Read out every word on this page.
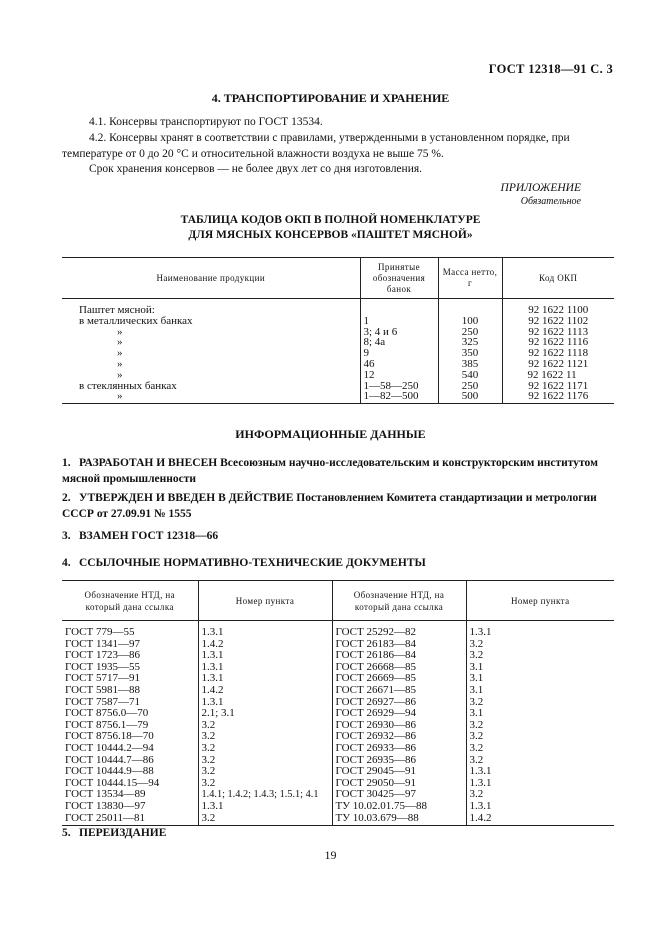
ГОСТ 12318—91 С. 3
4. ТРАНСПОРТИРОВАНИЕ И ХРАНЕНИЕ
4.1. Консервы транспортируют по ГОСТ 13534.
4.2. Консервы хранят в соответствии с правилами, утвержденными в установленном порядке, при температуре от 0 до 20 °С и относительной влажности воздуха не выше 75 %.
Срок хранения консервов — не более двух лет со дня изготовления.
ПРИЛОЖЕНИЕ
Обязательное
ТАБЛИЦА КОДОВ ОКП В ПОЛНОЙ НОМЕНКЛАТУРЕ
ДЛЯ МЯСНЫХ КОНСЕРВОВ «ПАШТЕТ МЯСНОЙ»
Наименование продукции	Принятые обозначения банок	Масса нетто, г	Код ОКП

Паштет мясной:			92 1622 1100
в металлических банках	1	100	92 1622 1102
»	3; 4 и 6	250	92 1622 1113
»	8; 4а	325	92 1622 1116
»	9	350	92 1622 1118
»	46	385	92 1622 1121
»	12	540	92 1622 11
в стеклянных банках	1—58—250	250	92 1622 1171
»	1—82—500	500	92 1622 1176
ИНФОРМАЦИОННЫЕ ДАННЫЕ
1. РАЗРАБОТАН И ВНЕСЕН Всесоюзным научно-исследовательским и конструкторским институтом мясной промышленности
2. УТВЕРЖДЕН И ВВЕДЕН В ДЕЙСТВИЕ Постановлением Комитета стандартизации и метрологии СССР от 27.09.91 № 1555
3. ВЗАМЕН ГОСТ 12318—66
4. ССЫЛОЧНЫЕ НОРМАТИВНО-ТЕХНИЧЕСКИЕ ДОКУМЕНТЫ
Обозначение НТД, на который дана ссылка	Номер пункта	Обозначение НТД, на который дана ссылка	Номер пункта

ГОСТ 779—55	1.3.1	ГОСТ 25292—82	1.3.1
ГОСТ 1341—97	1.4.2	ГОСТ 26183—84	3.2
ГОСТ 1723—86	1.3.1	ГОСТ 26186—84	3.2
ГОСТ 1935—55	1.3.1	ГОСТ 26668—85	3.1
ГОСТ 5717—91	1.3.1	ГОСТ 26669—85	3.1
ГОСТ 5981—88	1.4.2	ГОСТ 26671—85	3.1
ГОСТ 7587—71	1.3.1	ГОСТ 26927—86	3.2
ГОСТ 8756.0—70	2.1; 3.1	ГОСТ 26929—94	3.1
ГОСТ 8756.1—79	3.2	ГОСТ 26930—86	3.2
ГОСТ 8756.18—70	3.2	ГОСТ 26932—86	3.2
ГОСТ 10444.2—94	3.2	ГОСТ 26933—86	3.2
ГОСТ 10444.7—86	3.2	ГОСТ 26935—86	3.2
ГОСТ 10444.9—88	3.2	ГОСТ 29045—91	1.3.1
ГОСТ 10444.15—94	3.2	ГОСТ 29050—91	1.3.1
ГОСТ 13534—89	1.4.1; 1.4.2; 1.4.3; 1.5.1; 4.1	ГОСТ 30425—97	3.2
ГОСТ 13830—97	1.3.1	ТУ 10.02.01.75—88	1.3.1
ГОСТ 25011—81	3.2	ТУ 10.03.679—88	1.4.2
5. ПЕРЕИЗДАНИЕ
19
